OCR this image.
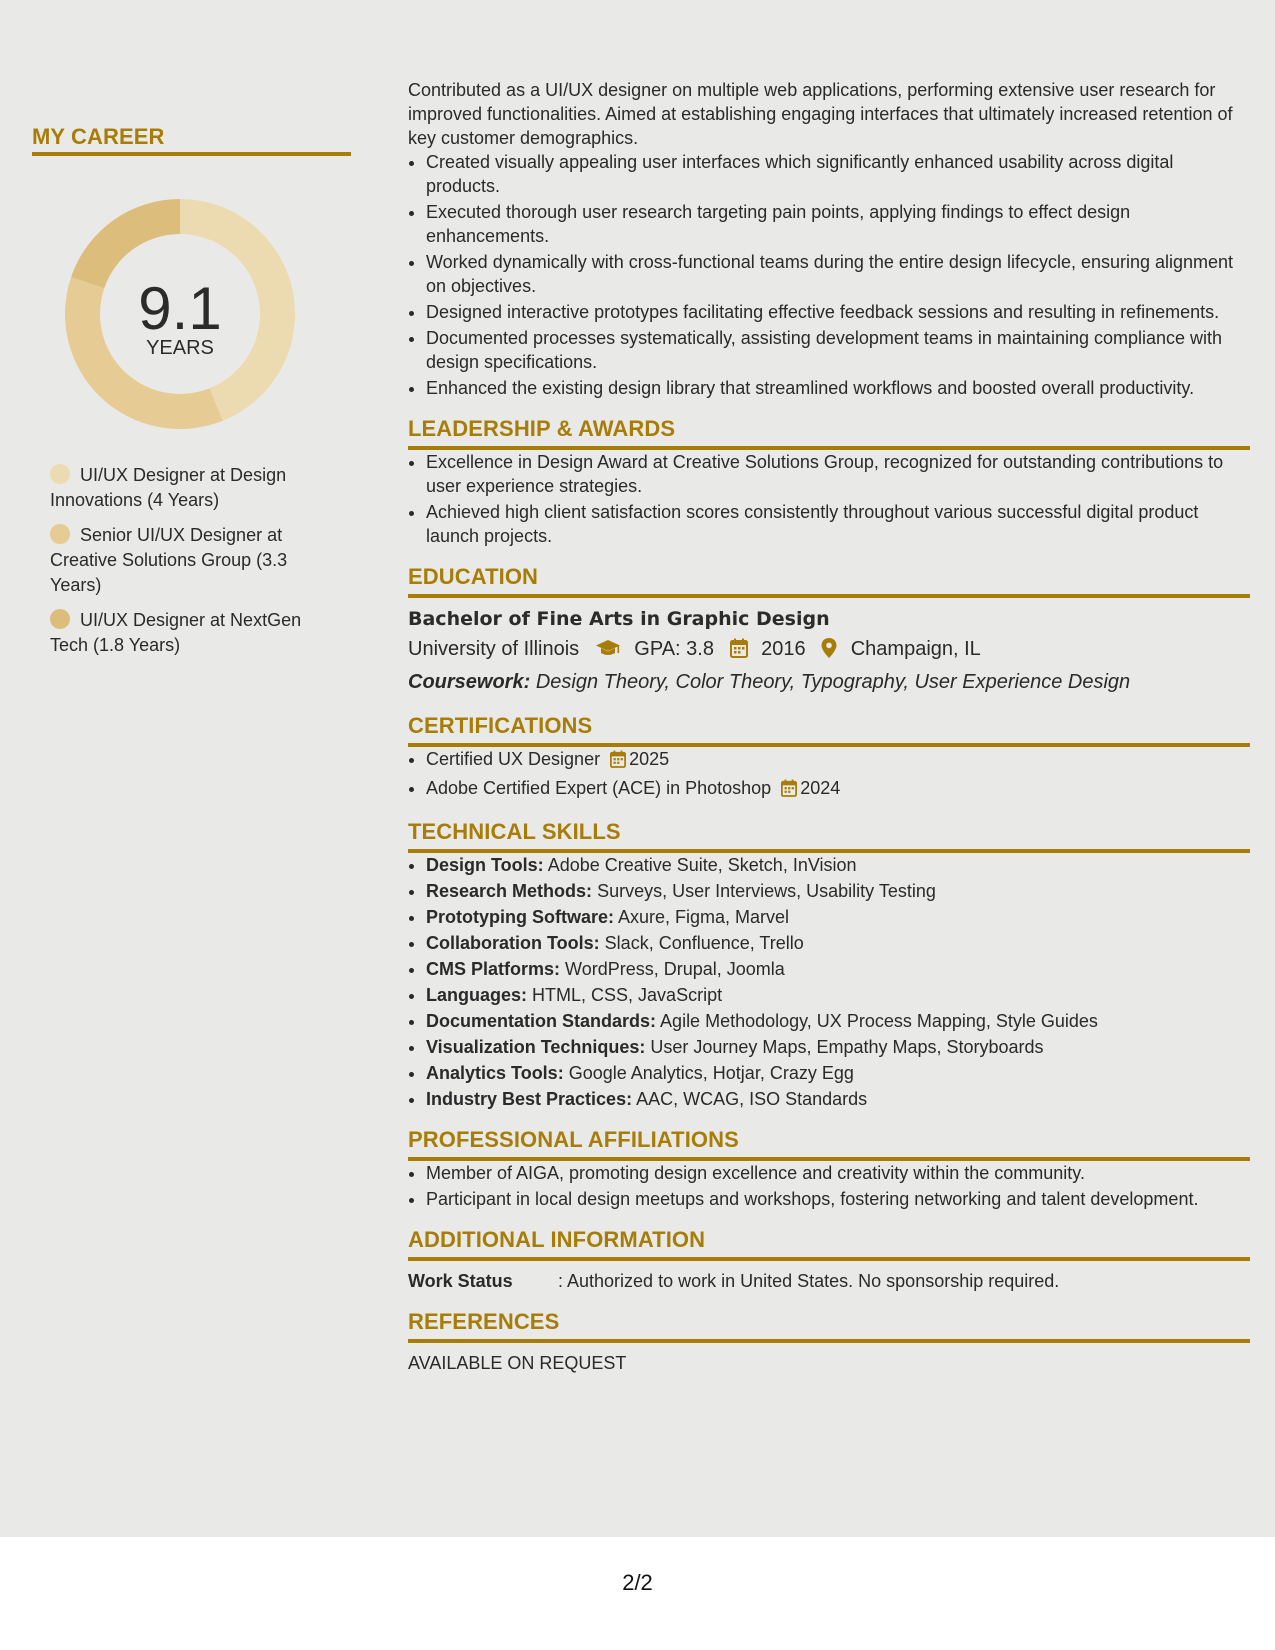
MY CAREER
9.1
YEARS
UI/UX Designer at Design Innovations (4 Years)
Senior UI/UX Designer at Creative Solutions Group (3.3 Years)
UI/UX Designer at NextGen Tech (1.8 Years)

Contributed as a UI/UX designer on multiple web applications, performing extensive user research for improved functionalities. Aimed at establishing engaging interfaces that ultimately increased retention of key customer demographics.

• Created visually appealing user interfaces which significantly enhanced usability across digital products.
• Executed thorough user research targeting pain points, applying findings to effect design enhancements.
• Worked dynamically with cross-functional teams during the entire design lifecycle, ensuring alignment on objectives.
• Designed interactive prototypes facilitating effective feedback sessions and resulting in refinements.
• Documented processes systematically, assisting development teams in maintaining compliance with design specifications.
• Enhanced the existing design library that streamlined workflows and boosted overall productivity.
LEADERSHIP & AWARDS
• Excellence in Design Award at Creative Solutions Group, recognized for outstanding contributions to user experience strategies.
• Achieved high client satisfaction scores consistently throughout various successful digital product launch projects.
EDUCATION
Bachelor of Fine Arts in Graphic Design
University of Illinois	GPA: 3.8 2016 Champaign, IL
Coursework: Design Theory, Color Theory, Typography, User Experience Design
CERTIFICATIONS
• Certified UX Designer 2025
• Adobe Certified Expert (ACE) in Photoshop 2024
TECHNICAL SKILLS
• Design Tools: Adobe Creative Suite, Sketch, InVision
• Research Methods: Surveys, User Interviews, Usability Testing
• Prototyping Software: Axure, Figma, Marvel
• Collaboration Tools: Slack, Confluence, Trello
• CMS Platforms: WordPress, Drupal, Joomla
• Languages: HTML, CSS, JavaScript
• Documentation Standards: Agile Methodology, UX Process Mapping, Style Guides
• Visualization Techniques: User Journey Maps, Empathy Maps, Storyboards
• Analytics Tools: Google Analytics, Hotjar, Crazy Egg
• Industry Best Practices: AAC, WCAG, ISO Standards
PROFESSIONAL AFFILIATIONS
• Member of AIGA, promoting design excellence and creativity within the community.
• Participant in local design meetups and workshops, fostering networking and talent development.
ADDITIONAL INFORMATION
Work Status	: Authorized to work in United States. No sponsorship required.
REFERENCES
AVAILABLE ON REQUEST
2/2
